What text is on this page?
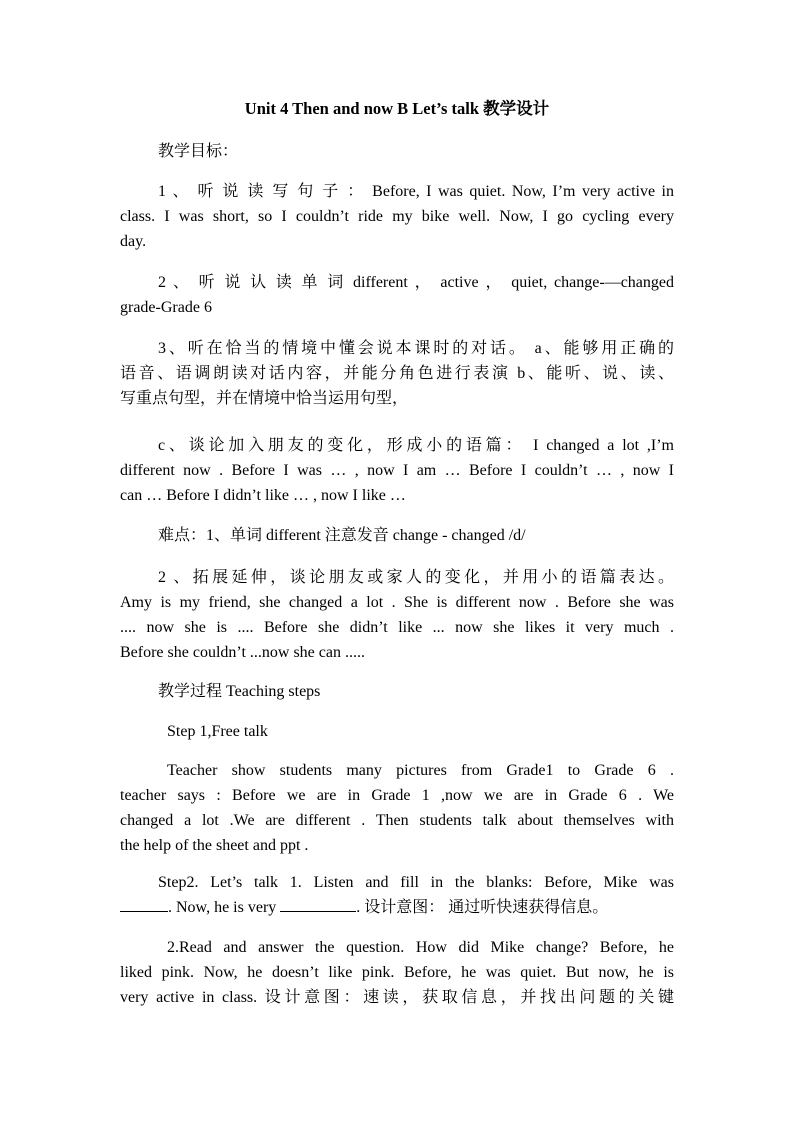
Unit 4 Then and now B Let’s talk 教学设计
教学目标：
1 、 听 说 读 写 句 子 ： Before, I was quiet. Now, I’m very active in
class. I was short, so I couldn’t ride my bike well. Now, I go cycling every
day.
2 、 听 说 认 读 单 词 different ， active ， quiet, change-—changed
grade-Grade 6
3、听在恰当的情境中懂会说本课时的对话。 a、能够用正确的
语音、语调朗读对话内容，并能分角色进行表演 b、能听、说、读、
写重点句型，并在情境中恰当运用句型，
c、谈论加入朋友的变化，形成小的语篇： I changed a lot ,I’m
different now . Before I was … , now I am … Before I couldn’t … , now I
can … Before I didn’t like … , now I like …
难点：1、单词 different 注意发音 change - changed /d/
2 、拓展延伸，谈论朋友或家人的变化，并用小的语篇表达。
Amy is my friend, she changed a lot . She is different now . Before she was
.... now she is .... Before she didn’t like ... now she likes it very much .
Before she couldn’t ...now she can .....
教学过程 Teaching steps
Step 1,Free talk
Teacher show students many pictures from Grade1 to Grade 6 .
teacher says : Before we are in Grade 1 ,now we are in Grade 6 . We
changed a lot .We are different . Then students talk about themselves with
the help of the sheet and ppt .
Step2. Let’s talk 1. Listen and fill in the blanks: Before, Mike was
. Now, he is very	. 设计意图： 通过听快速获得信息。
2.Read and answer the question. How did Mike change? Before, he
liked pink. Now, he doesn’t like pink. Before, he was quiet. But now, he is
very active in class. 设计意图：速读，获取信息，并找出问题的关键
